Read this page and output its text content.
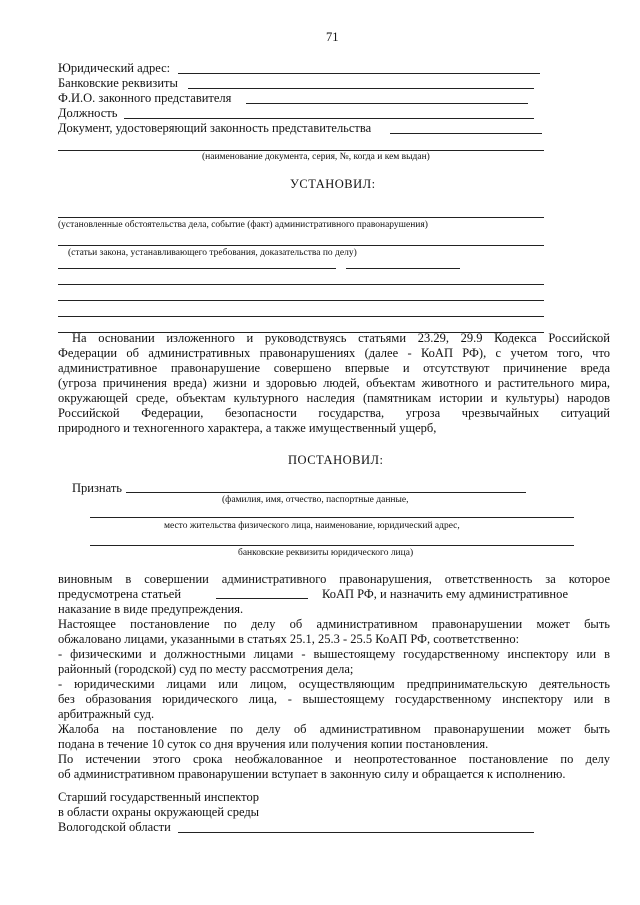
71
Юридический адрес:
Банковские реквизиты
Ф.И.О. законного представителя
Должность
Документ, удостоверяющий законность представительства
(наименование документа, серия, №, когда и кем выдан)
УСТАНОВИЛ:
(установленные обстоятельства дела, событие (факт) административного правонарушения)
(статьи закона, устанавливающего требования, доказательства по делу)
На основании изложенного и руководствуясь статьями 23.29, 29.9 Кодекса Российской
Федерации об административных правонарушениях (далее - КоАП РФ), с учетом того, что
административное правонарушение совершено впервые и отсутствуют причинение вреда
(угроза причинения вреда) жизни и здоровью людей, объектам животного и растительного мира,
окружающей среде, объектам культурного наследия (памятникам истории и культуры) народов
Российской Федерации, безопасности государства, угроза чрезвычайных ситуаций
природного и техногенного характера, а также имущественный ущерб,
ПОСТАНОВИЛ:
Признать
(фамилия, имя, отчество, паспортные данные,
место жительства физического лица, наименование, юридический адрес,
банковские реквизиты юридического лица)
виновным в совершении административного правонарушения, ответственность за которое
предусмотрена статьей	КоАП РФ, и назначить ему административное
наказание в виде предупреждения.
Настоящее постановление по делу об административном правонарушении может быть
обжаловано лицами, указанными в статьях 25.1, 25.3 - 25.5 КоАП РФ, соответственно:
- физическими и должностными лицами - вышестоящему государственному инспектору или в
районный (городской) суд по месту рассмотрения дела;
- юридическими лицами или лицом, осуществляющим предпринимательскую деятельность
без образования юридического лица, - вышестоящему государственному инспектору или в
арбитражный суд.
Жалоба на постановление по делу об административном правонарушении может быть
подана в течение 10 суток со дня вручения или получения копии постановления.
По истечении этого срока необжалованное и неопротестованное постановление по делу
об административном правонарушении вступает в законную силу и обращается к исполнению.
Старший государственный инспектор
в области охраны окружающей среды
Вологодской области
